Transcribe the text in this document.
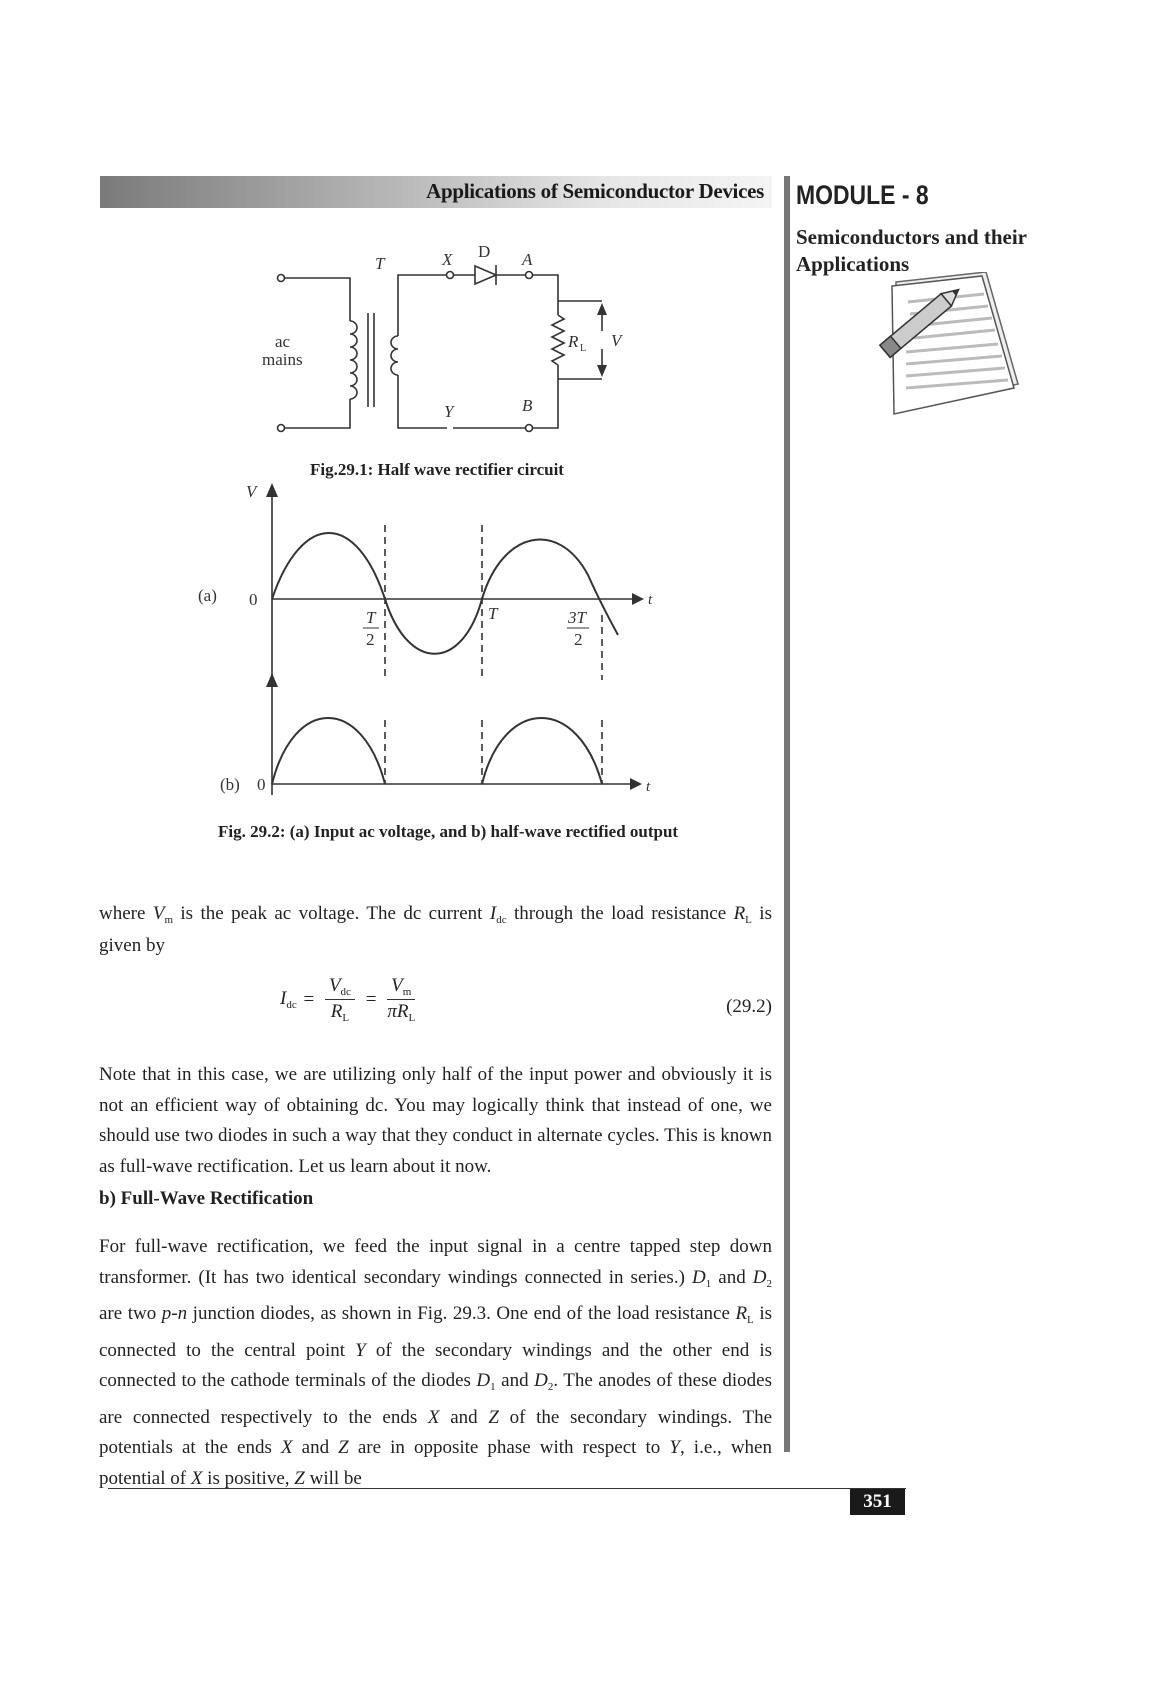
Applications of Semiconductor Devices MODULE - 8
Semiconductors and their
Applications
ac
mains
T	X D A
Y	B
R L V
Fig.29.1: Half wave rectifier circuit
V
(a) 0	t
T
2
T	3T
2
(b) 0	t
Fig. 29.2: (a) Input ac voltage, and b) half-wave rectified output
where $V_m$ is the peak ac voltage. The dc current $I_{dc}$ through the load resistance $R_L$ is given by
$I_{dc} = \frac{V_{dc}}{R_L} = \frac{V_m}{\pi R_L}$	(29.2)
Note that in this case, we are utilizing only half of the input power and obviously it is not an efficient way of obtaining dc. You may logically think that instead of one, we should use two diodes in such a way that they conduct in alternate cycles. This is known as full-wave rectification. Let us learn about it now.
b) Full-Wave Rectification
For full-wave rectification, we feed the input signal in a centre tapped step down transformer. (It has two identical secondary windings connected in series.) $D_1$ and $D_2$ are two p-n junction diodes, as shown in Fig. 29.3. One end of the load resistance $R_L$ is connected to the central point Y of the secondary windings and the other end is connected to the cathode terminals of the diodes $D_1$ and $D_2$. The anodes of these diodes are connected respectively to the ends X and Z of the secondary windings. The potentials at the ends X and Z are in opposite phase with respect to Y, i.e., when potential of X is positive, Z will be
351
